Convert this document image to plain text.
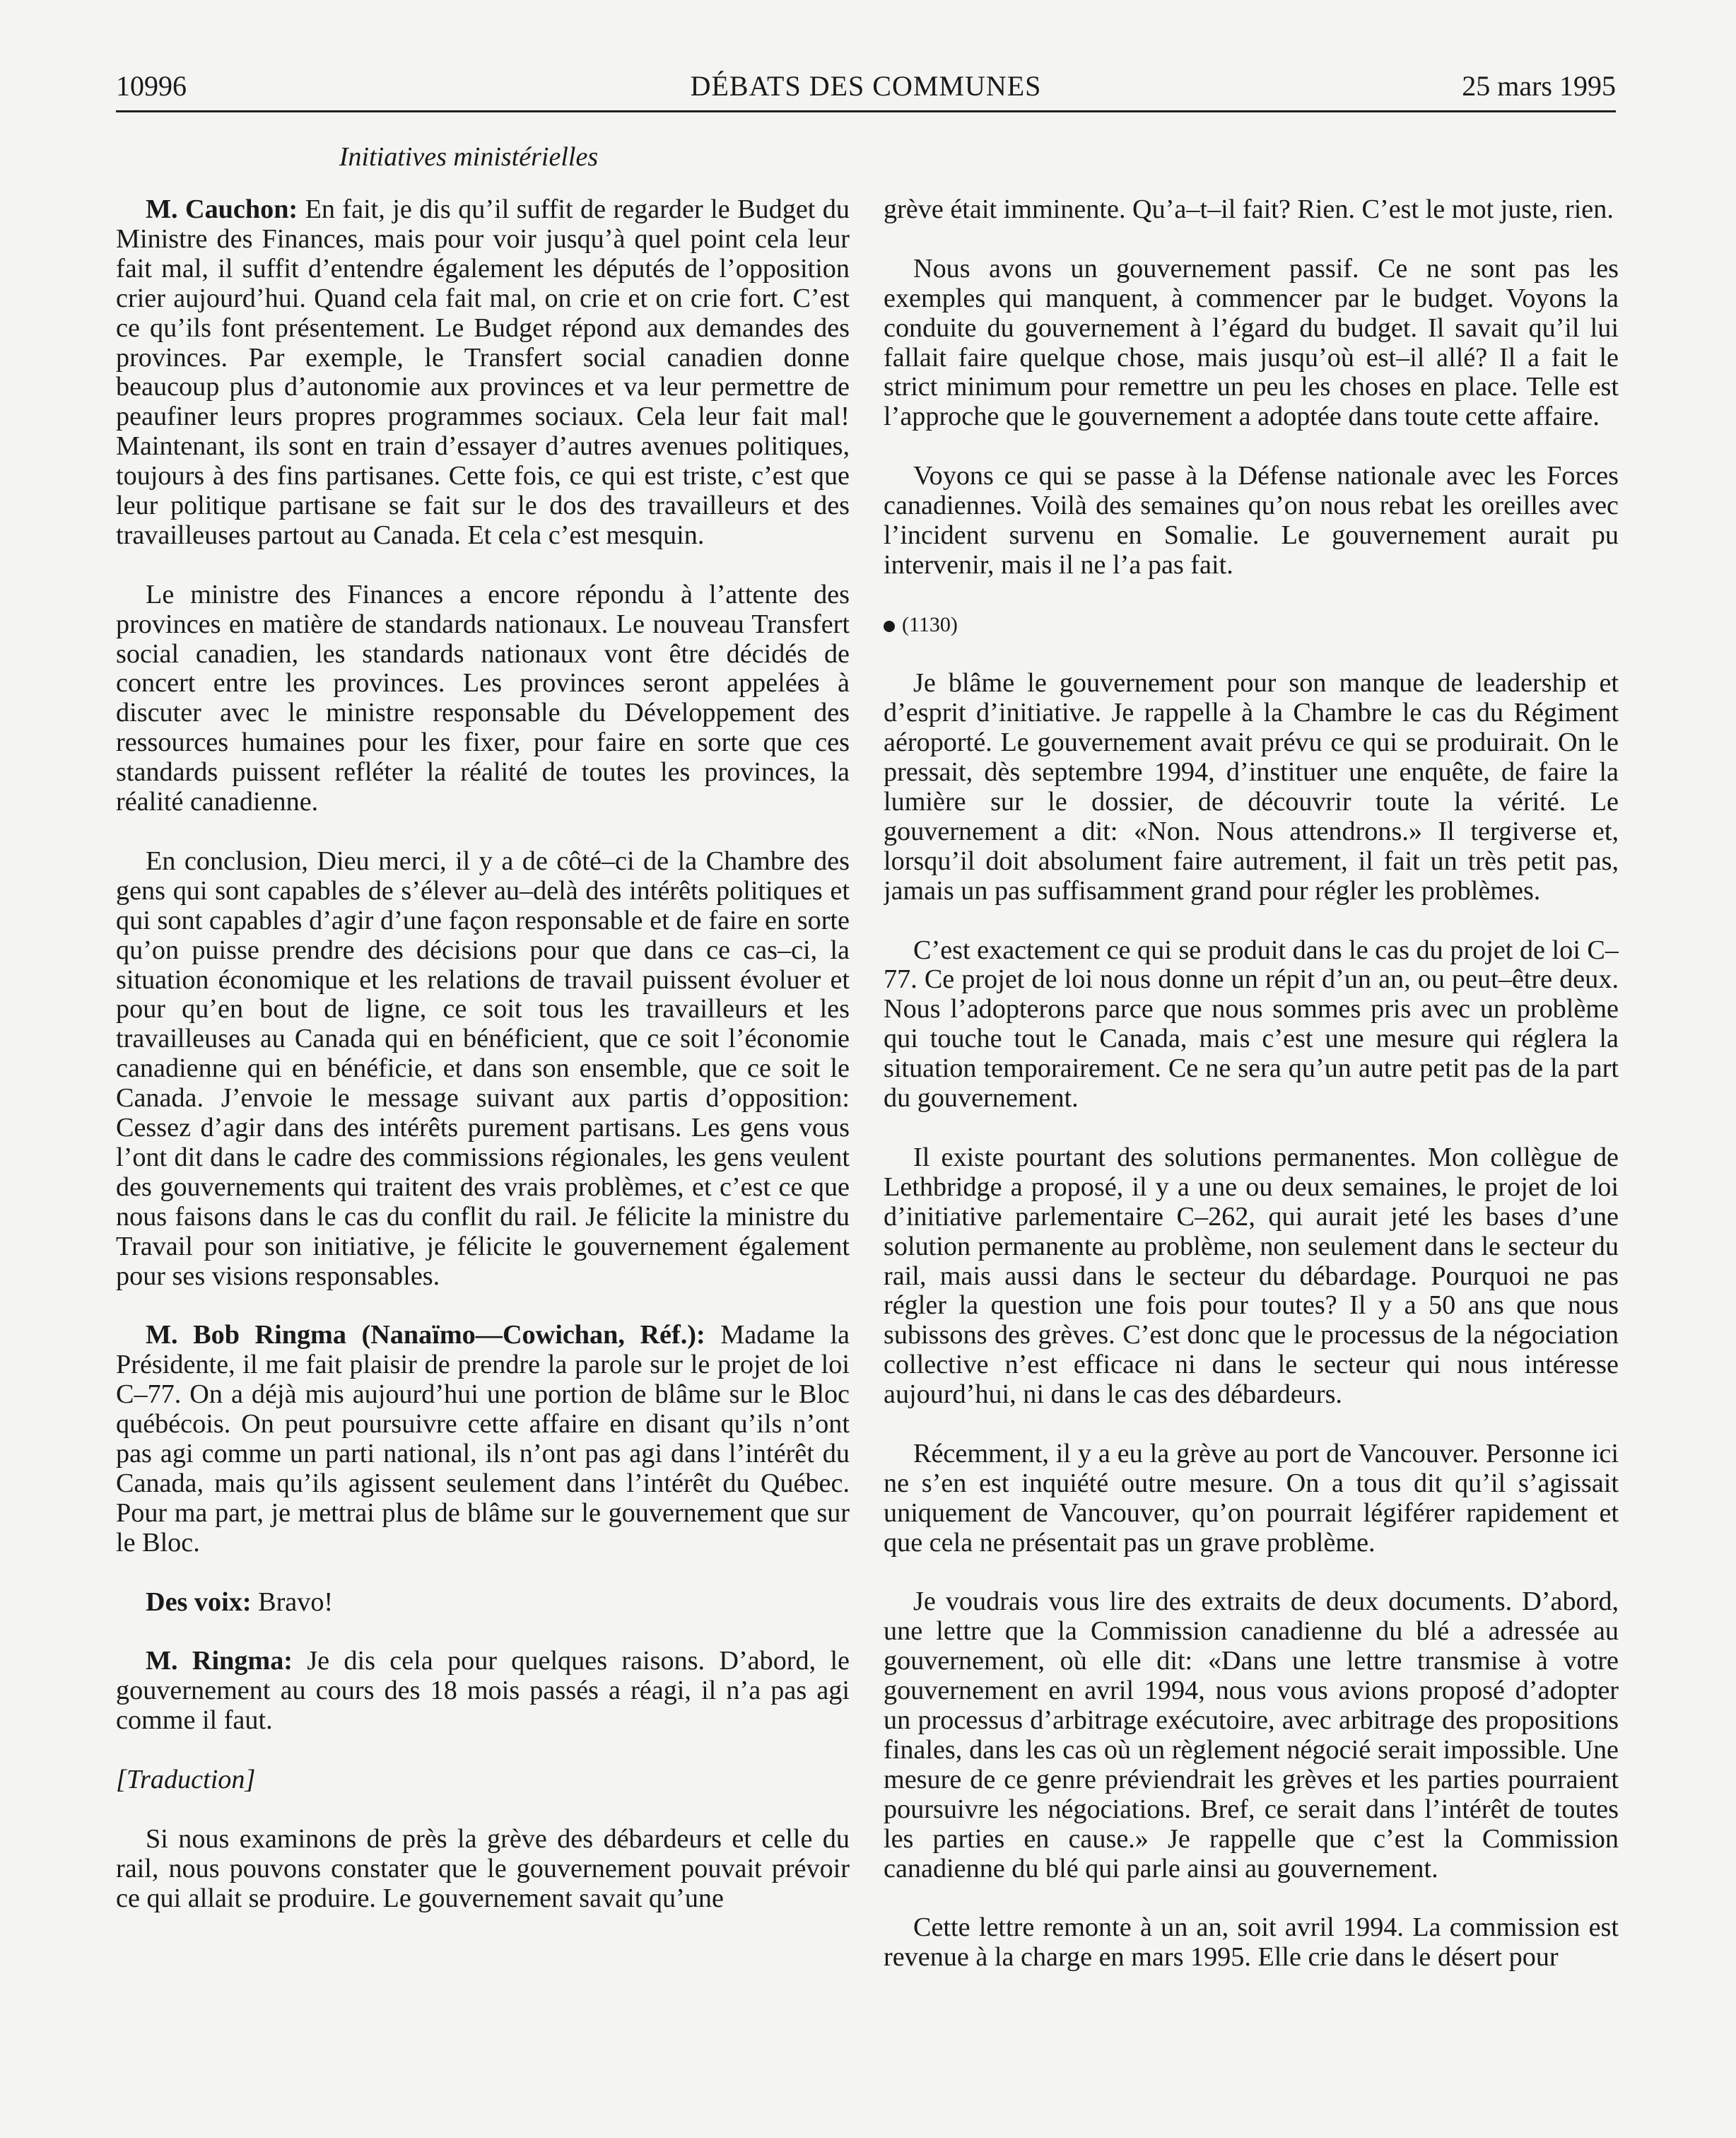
10996	DÉBATS DES COMMUNES	25 mars 1995
Initiatives ministérielles

M. Cauchon: En fait, je dis qu’il suffit de regarder le Budget du Ministre des Finances, mais pour voir jusqu’à quel point cela leur fait mal, il suffit d’entendre également les députés de l’opposition crier aujourd’hui. Quand cela fait mal, on crie et on crie fort. C’est ce qu’ils font présentement. Le Budget répond aux demandes des provinces. Par exemple, le Transfert social canadien donne beaucoup plus d’autonomie aux provinces et va leur permettre de peaufiner leurs propres programmes sociaux. Cela leur fait mal! Maintenant, ils sont en train d’essayer d’autres avenues politiques, toujours à des fins partisanes. Cette fois, ce qui est triste, c’est que leur politique partisane se fait sur le dos des travailleurs et des travailleuses partout au Canada. Et cela c’est mesquin.

Le ministre des Finances a encore répondu à l’attente des provinces en matière de standards nationaux. Le nouveau Transfert social canadien, les standards nationaux vont être décidés de concert entre les provinces. Les provinces seront appelées à discuter avec le ministre responsable du Développement des ressources humaines pour les fixer, pour faire en sorte que ces standards puissent refléter la réalité de toutes les provinces, la réalité canadienne.

En conclusion, Dieu merci, il y a de côté–ci de la Chambre des gens qui sont capables de s’élever au–delà des intérêts politiques et qui sont capables d’agir d’une façon responsable et de faire en sorte qu’on puisse prendre des décisions pour que dans ce cas–ci, la situation économique et les relations de travail puissent évoluer et pour qu’en bout de ligne, ce soit tous les travailleurs et les travailleuses au Canada qui en bénéficient, que ce soit l’économie canadienne qui en bénéficie, et dans son ensemble, que ce soit le Canada. J’envoie le message suivant aux partis d’opposition: Cessez d’agir dans des intérêts purement partisans. Les gens vous l’ont dit dans le cadre des commissions régionales, les gens veulent des gouvernements qui traitent des vrais problèmes, et c’est ce que nous faisons dans le cas du conflit du rail. Je félicite la ministre du Travail pour son initiative, je félicite le gouvernement également pour ses visions responsables.

M. Bob Ringma (Nanaïmo—Cowichan, Réf.): Madame la Présidente, il me fait plaisir de prendre la parole sur le projet de loi C–77. On a déjà mis aujourd’hui une portion de blâme sur le Bloc québécois. On peut poursuivre cette affaire en disant qu’ils n’ont pas agi comme un parti national, ils n’ont pas agi dans l’intérêt du Canada, mais qu’ils agissent seulement dans l’intérêt du Québec. Pour ma part, je mettrai plus de blâme sur le gouvernement que sur le Bloc.

Des voix: Bravo!

M. Ringma: Je dis cela pour quelques raisons. D’abord, le gouvernement au cours des 18 mois passés a réagi, il n’a pas agi comme il faut.

[Traduction]

Si nous examinons de près la grève des débardeurs et celle du rail, nous pouvons constater que le gouvernement pouvait prévoir ce qui allait se produire. Le gouvernement savait qu’une

grève était imminente. Qu’a–t–il fait? Rien. C’est le mot juste, rien.

Nous avons un gouvernement passif. Ce ne sont pas les exemples qui manquent, à commencer par le budget. Voyons la conduite du gouvernement à l’égard du budget. Il savait qu’il lui fallait faire quelque chose, mais jusqu’où est–il allé? Il a fait le strict minimum pour remettre un peu les choses en place. Telle est l’approche que le gouvernement a adoptée dans toute cette affaire.

Voyons ce qui se passe à la Défense nationale avec les Forces canadiennes. Voilà des semaines qu’on nous rebat les oreilles avec l’incident survenu en Somalie. Le gouvernement aurait pu intervenir, mais il ne l’a pas fait.

(1130)

Je blâme le gouvernement pour son manque de leadership et d’esprit d’initiative. Je rappelle à la Chambre le cas du Régiment aéroporté. Le gouvernement avait prévu ce qui se produirait. On le pressait, dès septembre 1994, d’instituer une enquête, de faire la lumière sur le dossier, de découvrir toute la vérité. Le gouvernement a dit: «Non. Nous attendrons.» Il tergiverse et, lorsqu’il doit absolument faire autrement, il fait un très petit pas, jamais un pas suffisamment grand pour régler les problèmes.

C’est exactement ce qui se produit dans le cas du projet de loi C–77. Ce projet de loi nous donne un répit d’un an, ou peut–être deux. Nous l’adopterons parce que nous sommes pris avec un problème qui touche tout le Canada, mais c’est une mesure qui réglera la situation temporairement. Ce ne sera qu’un autre petit pas de la part du gouvernement.

Il existe pourtant des solutions permanentes. Mon collègue de Lethbridge a proposé, il y a une ou deux semaines, le projet de loi d’initiative parlementaire C–262, qui aurait jeté les bases d’une solution permanente au problème, non seulement dans le secteur du rail, mais aussi dans le secteur du débardage. Pourquoi ne pas régler la question une fois pour toutes? Il y a 50 ans que nous subissons des grèves. C’est donc que le processus de la négociation collective n’est efficace ni dans le secteur qui nous intéresse aujourd’hui, ni dans le cas des débardeurs.

Récemment, il y a eu la grève au port de Vancouver. Personne ici ne s’en est inquiété outre mesure. On a tous dit qu’il s’agissait uniquement de Vancouver, qu’on pourrait légiférer rapidement et que cela ne présentait pas un grave problème.

Je voudrais vous lire des extraits de deux documents. D’abord, une lettre que la Commission canadienne du blé a adressée au gouvernement, où elle dit: «Dans une lettre transmise à votre gouvernement en avril 1994, nous vous avions proposé d’adopter un processus d’arbitrage exécutoire, avec arbitrage des propositions finales, dans les cas où un règlement négocié serait impossible. Une mesure de ce genre préviendrait les grèves et les parties pourraient poursuivre les négociations. Bref, ce serait dans l’intérêt de toutes les parties en cause.» Je rappelle que c’est la Commission canadienne du blé qui parle ainsi au gouvernement.

Cette lettre remonte à un an, soit avril 1994. La commission est revenue à la charge en mars 1995. Elle crie dans le désert pour
